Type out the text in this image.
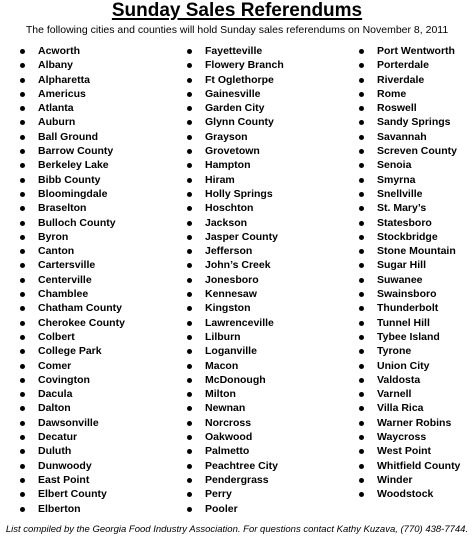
Sunday Sales Referendums
The following cities and counties will hold Sunday sales referendums on November 8, 2011
Acworth
Albany
Alpharetta
Americus
Atlanta
Auburn
Ball Ground
Barrow County
Berkeley Lake
Bibb County
Bloomingdale
Braselton
Bulloch County
Byron
Canton
Cartersville
Centerville
Chamblee
Chatham County
Cherokee County
Colbert
College Park
Comer
Covington
Dacula
Dalton
Dawsonville
Decatur
Duluth
Dunwoody
East Point
Elbert County
Elberton
Fayetteville
Flowery Branch
Ft Oglethorpe
Gainesville
Garden City
Glynn County
Grayson
Grovetown
Hampton
Hiram
Holly Springs
Hoschton
Jackson
Jasper County
Jefferson
John’s Creek
Jonesboro
Kennesaw
Kingston
Lawrenceville
Lilburn
Loganville
Macon
McDonough
Milton
Newnan
Norcross
Oakwood
Palmetto
Peachtree City
Pendergrass
Perry
Pooler
Port Wentworth
Porterdale
Riverdale
Rome
Roswell
Sandy Springs
Savannah
Screven County
Senoia
Smyrna
Snellville
St. Mary’s
Statesboro
Stockbridge
Stone Mountain
Sugar Hill
Suwanee
Swainsboro
Thunderbolt
Tunnel Hill
Tybee Island
Tyrone
Union City
Valdosta
Varnell
Villa Rica
Warner Robins
Waycross
West Point
Whitfield County
Winder
Woodstock
List compiled by the Georgia Food Industry Association. For questions contact Kathy Kuzava, (770) 438-7744.
